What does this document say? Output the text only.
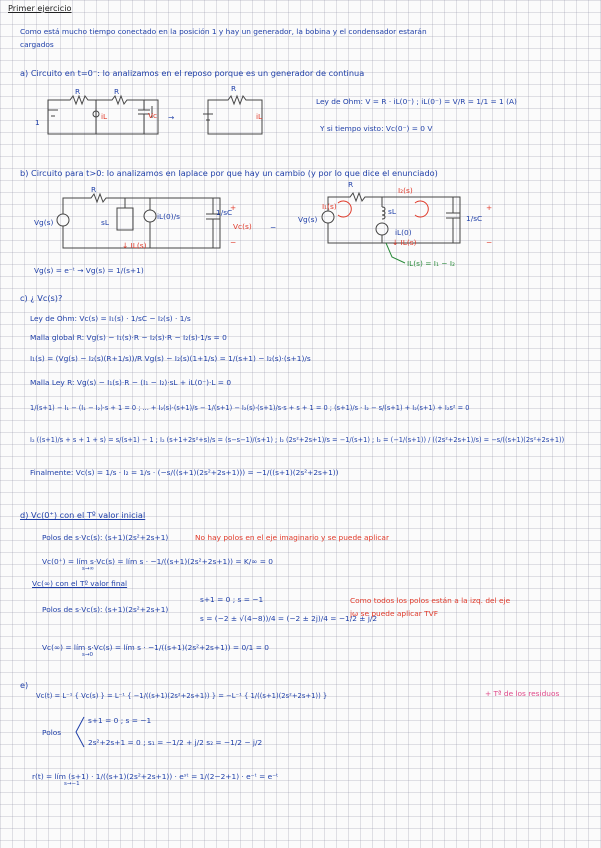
Primer ejercicio
Como está mucho tiempo conectado en la posición 1 y hay un generador, la bobina y el condensador estarán
cargados
a) Circuito en t=0⁻: lo analizamos en el reposo porque es un generador de continua
R	R
1
iL	Vc →
R
iL
Ley de Ohm: V = R · iL(0⁻) ; iL(0⁻) = V/R = 1/1 = 1 (A)
Y si tiempo visto: Vc(0⁻) = 0 V
b) Circuito para t>0: lo analizamos en laplace por que hay un cambio (y por lo que dice el enunciado)
R
Vg(s)	sL
iL(0)/s	1/sC
Vc(s)
↓ IL(s)
+
−
R
Vg(s)
I₁(s)
I₂(s)
sL
iL(0)
↓ IL(s)
1/sC
+
−
IL(s) = I₁ − I₂
−
Vg(s) = e⁻ᵗ → Vg(s) = 1/(s+1)
c) ¿ Vc(s)?
Ley de Ohm: Vc(s) = I₁(s) · 1/sC − I₂(s) · 1/s
Malla global R: Vg(s) − I₁(s)·R − I₂(s)·R − I₂(s)·1/s = 0
I₁(s) = (Vg(s) − I₂(s)(R+1/s))/R Vg(s) − I₂(s)(1+1/s) = 1/(s+1) − I₂(s)·(s+1)/s
Malla Ley R: Vg(s) − I₁(s)·R − (I₁ − I₂)·sL + iL(0⁻)·L = 0
1/(s+1) − I₁ − (I₁ − I₂)·s + 1 = 0 ; ... + I₂(s)·(s+1)/s − 1/(s+1) − I₂(s)·(s+1)/s·s + s + 1 = 0 ; (s+1)/s · I₂ − s/(s+1) + I₂(s+1) + I₂s² = 0
I₂ ((s+1)/s + s + 1 + s) = s/(s+1) − 1 ; I₂ (s+1+2s²+s)/s = (s−s−1)/(s+1) ; I₂ (2s²+2s+1)/s = −1/(s+1) ; I₂ = (−1/(s+1)) / ((2s²+2s+1)/s) = −s/((s+1)(2s²+2s+1))
Finalmente: Vc(s) = 1/s · I₂ = 1/s · (−s/((s+1)(2s²+2s+1))) = −1/((s+1)(2s²+2s+1))
d) Vc(0⁺) con el Tº valor inicial
Polos de s·Vc(s): (s+1)(2s²+2s+1)	No hay polos en el eje imaginario y se puede aplicar
Vc(0⁺) = lím s·Vc(s) = lím s · −1/((s+1)(2s²+2s+1)) = K/∞ = 0
s→∞
Vc(∞) con el Tº valor final
Polos de s·Vc(s): (s+1)(2s²+2s+1)
s+1 = 0 ; s = −1
s = (−2 ± √(4−8))/4 = (−2 ± 2j)/4 = −1/2 ± j/2
Como todos los polos están a la izq. del eje
jω se puede aplicar TVF
Vc(∞) = lím s·Vc(s) = lím s · −1/((s+1)(2s²+2s+1)) = 0/1 = 0
s→0
e)
Vc(t) = L⁻¹ { Vc(s) } = L⁻¹ { −1/((s+1)(2s²+2s+1)) } = −L⁻¹ { 1/((s+1)(2s²+2s+1)) }	+ Tª de los residuos
Polos
s+1 = 0 ; s = −1
2s²+2s+1 = 0 ; s₁ = −1/2 + j/2 s₂ = −1/2 − j/2
r(t) = lím (s+1) · 1/((s+1)(2s²+2s+1)) · eˢᵗ = 1/(2−2+1) · e⁻ᵗ = e⁻ᵗ
s→−1
